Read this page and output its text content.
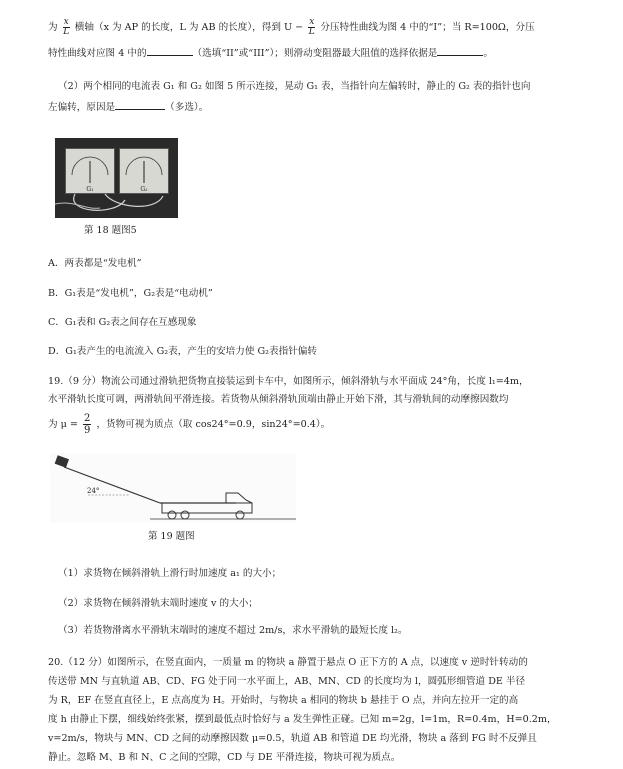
为 $\frac{x}{L}$ 横轴（x 为 AP 的长度，L 为 AB 的长度），得到 $U - \frac{x}{L}$ 分压特性曲线为图 4 中的“I”；当 R=100Ω，分压
特性曲线对应图 4 中的	（选填“II”或“III”）；则滑动变阻器最大阻值的选择依据是	。
（2）两个相同的电流表 G₁ 和 G₂ 如图 5 所示连接，晃动 G₁ 表，当指针向左偏转时，静止的 G₂ 表的指针也向
左偏转，原因是	（多选）。
G₁	G₂
第 18 题图5
A．两表都是“发电机”
B．G₁表是“发电机”，G₂表是“电动机”
C．G₁表和 G₂表之间存在互感现象
D．G₁表产生的电流流入 G₂表，产生的安培力使 G₂表指针偏转
19.（9 分）物流公司通过滑轨把货物直接装运到卡车中，如图所示，倾斜滑轨与水平面成 24°角，长度 l₁=4m，
水平滑轨长度可调，两滑轨间平滑连接。若货物从倾斜滑轨顶端由静止开始下滑，其与滑轨间的动摩擦因数均
为 $\mu = \frac{2}{9}$ ，货物可视为质点（取 cos24°=0.9，sin24°=0.4）。
24°
第 19 题图
（1）求货物在倾斜滑轨上滑行时加速度 a₁ 的大小；
（2）求货物在倾斜滑轨末端时速度 v 的大小；
（3）若货物滑离水平滑轨末端时的速度不超过 2m/s，求水平滑轨的最短长度 l₂。
20.（12 分）如图所示，在竖直面内，一质量 m 的物块 a 静置于悬点 O 正下方的 A 点，以速度 v 逆时针转动的
传送带 MN 与直轨道 AB、CD、FG 处于同一水平面上，AB、MN、CD 的长度均为 l，圆弧形细管道 DE 半径
为 R，EF 在竖直直径上，E 点高度为 H。开始时，与物块 a 相同的物块 b 悬挂于 O 点，并向左拉开一定的高
度 h 由静止下摆，细线始终张紧，摆到最低点时恰好与 a 发生弹性正碰。已知 m=2g，l=1m，R=0.4m，H=0.2m，
v=2m/s，物块与 MN、CD 之间的动摩擦因数 μ=0.5，轨道 AB 和管道 DE 均光滑，物块 a 落到 FG 时不反弹且
静止。忽略 M、B 和 N、C 之间的空隙，CD 与 DE 平滑连接，物块可视为质点。
